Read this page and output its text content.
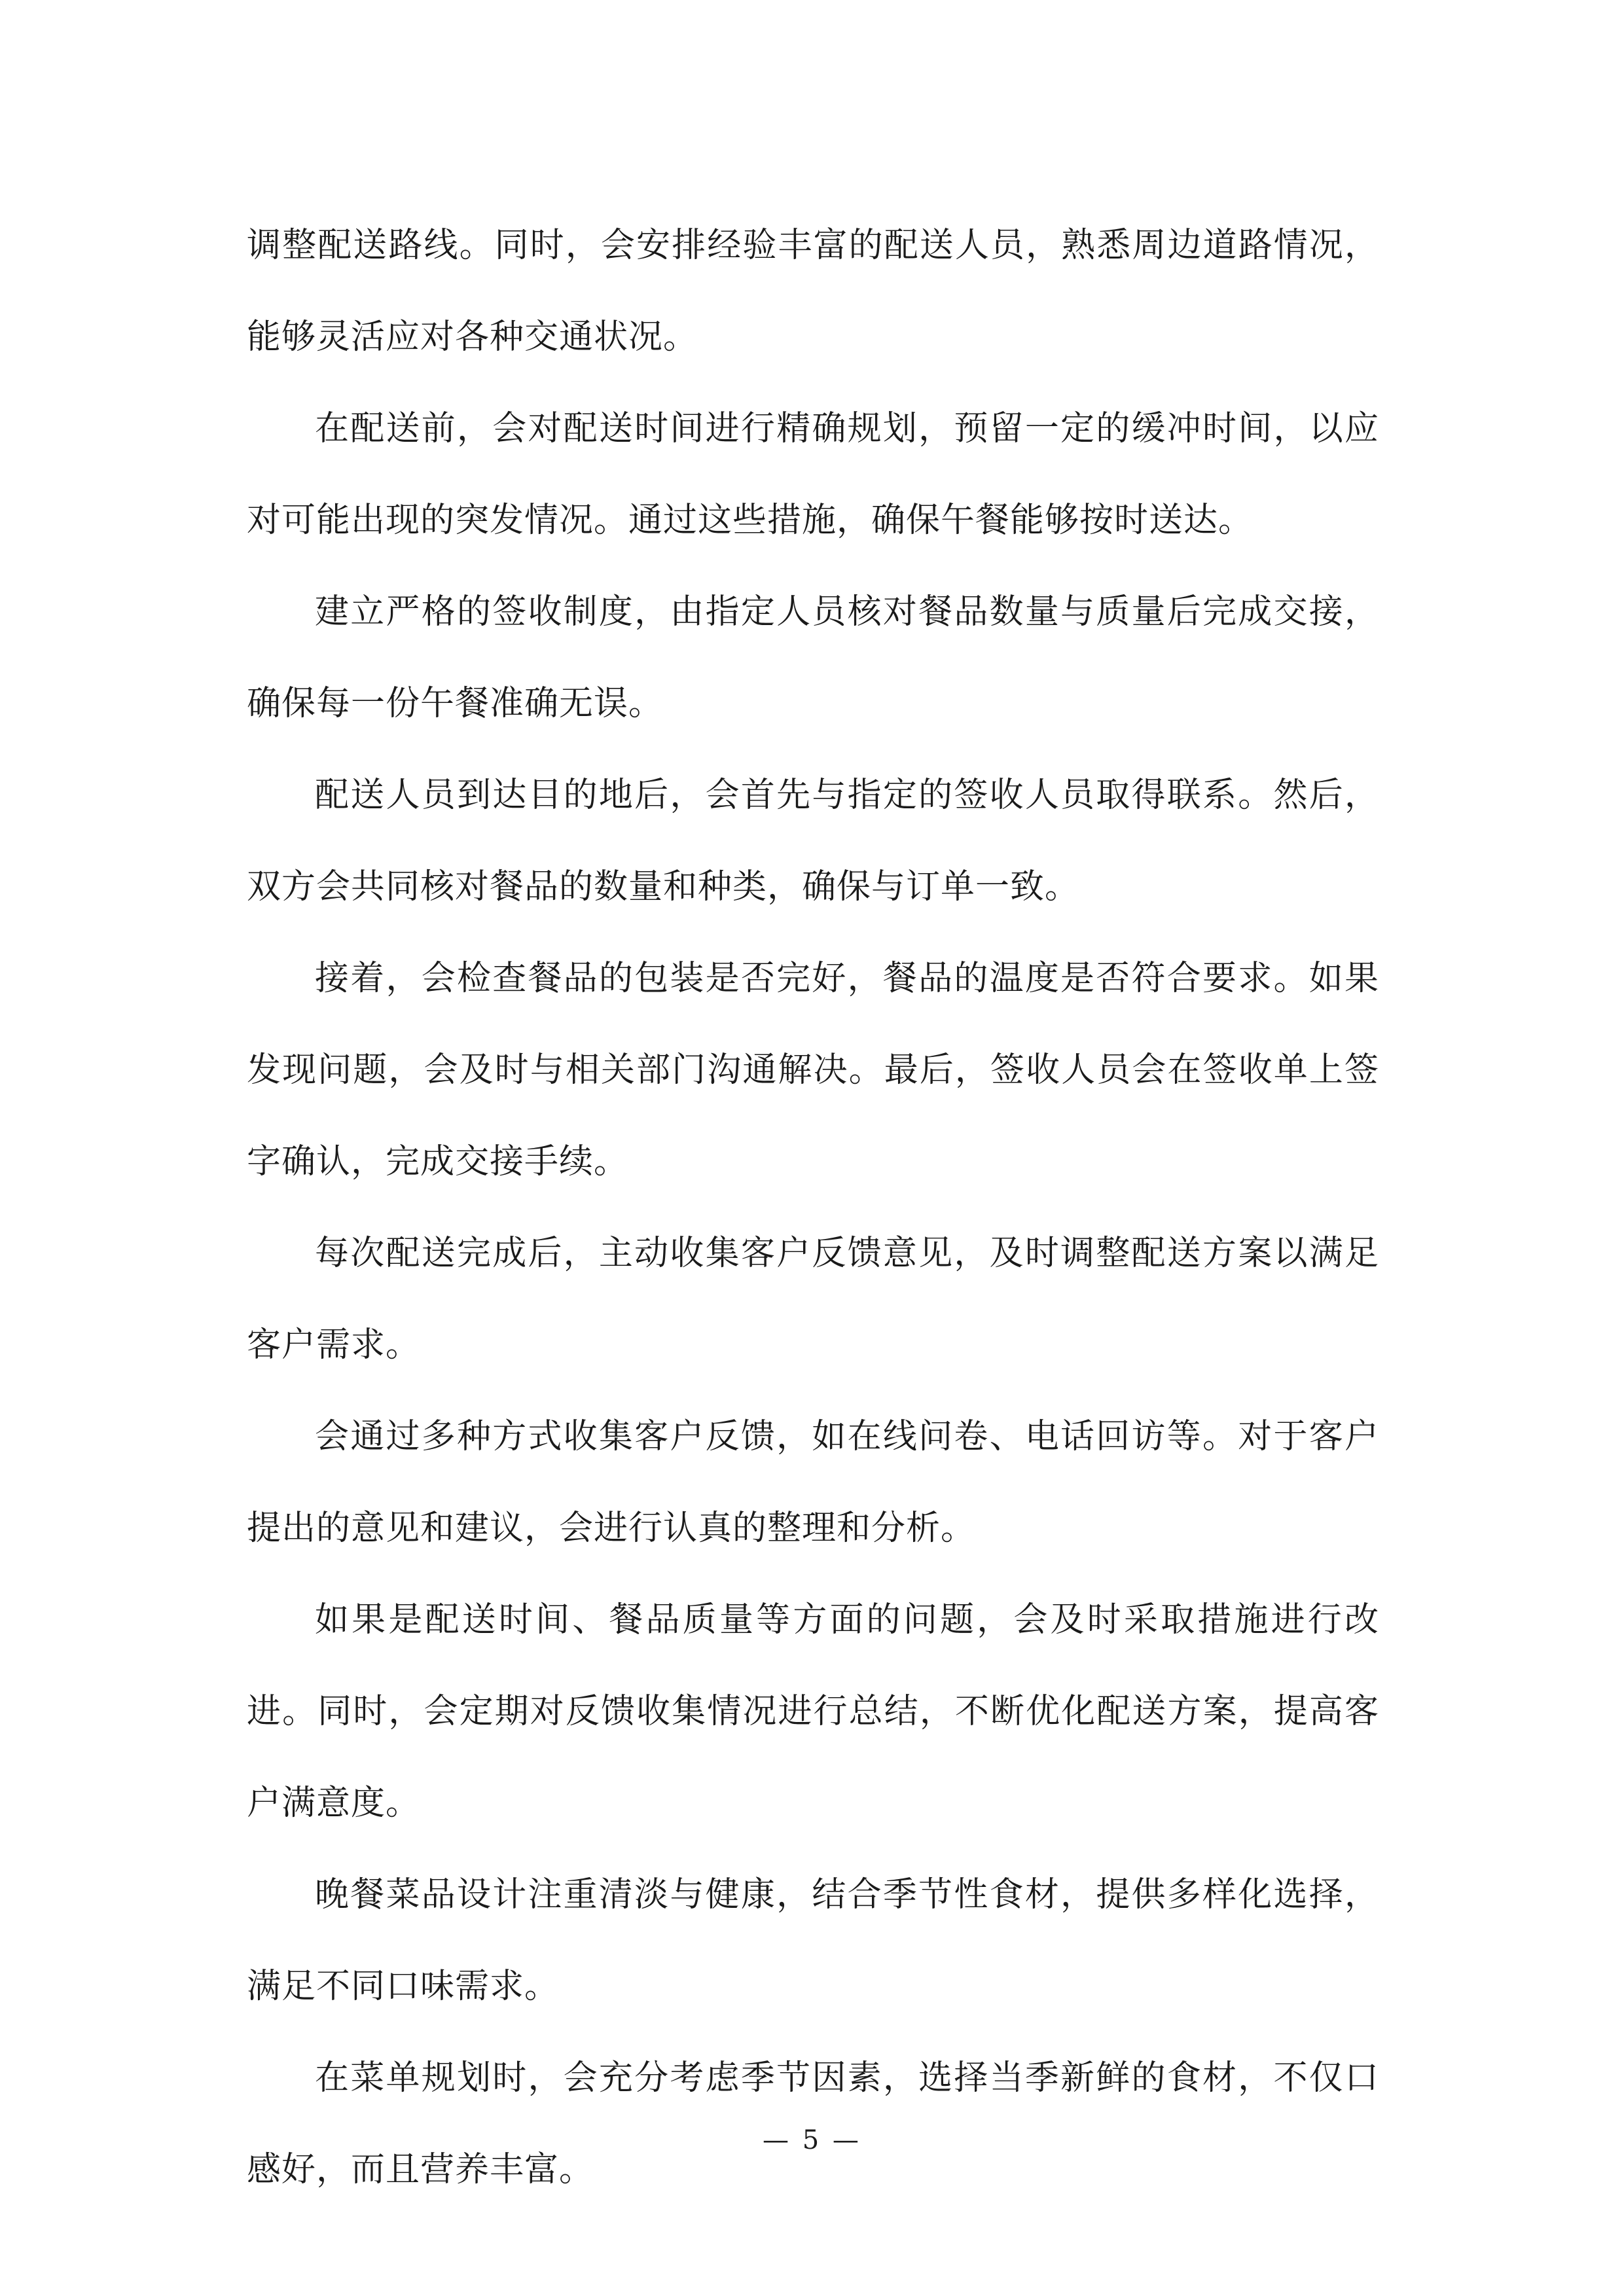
调整配送路线。同时，会安排经验丰富的配送人员，熟悉周边道路情况，能够灵活应对各种交通状况。

在配送前，会对配送时间进行精确规划，预留一定的缓冲时间，以应对可能出现的突发情况。通过这些措施，确保午餐能够按时送达。

建立严格的签收制度，由指定人员核对餐品数量与质量后完成交接，确保每一份午餐准确无误。

配送人员到达目的地后，会首先与指定的签收人员取得联系。然后，双方会共同核对餐品的数量和种类，确保与订单一致。

接着，会检查餐品的包装是否完好，餐品的温度是否符合要求。如果发现问题，会及时与相关部门沟通解决。最后，签收人员会在签收单上签字确认，完成交接手续。

每次配送完成后，主动收集客户反馈意见，及时调整配送方案以满足客户需求。

会通过多种方式收集客户反馈，如在线问卷、电话回访等。对于客户提出的意见和建议，会进行认真的整理和分析。

如果是配送时间、餐品质量等方面的问题，会及时采取措施进行改进。同时，会定期对反馈收集情况进行总结，不断优化配送方案，提高客户满意度。

晚餐菜品设计注重清淡与健康，结合季节性食材，提供多样化选择，满足不同口味需求。

在菜单规划时，会充分考虑季节因素，选择当季新鲜的食材，不仅口感好，而且营养丰富。

— 5 —
